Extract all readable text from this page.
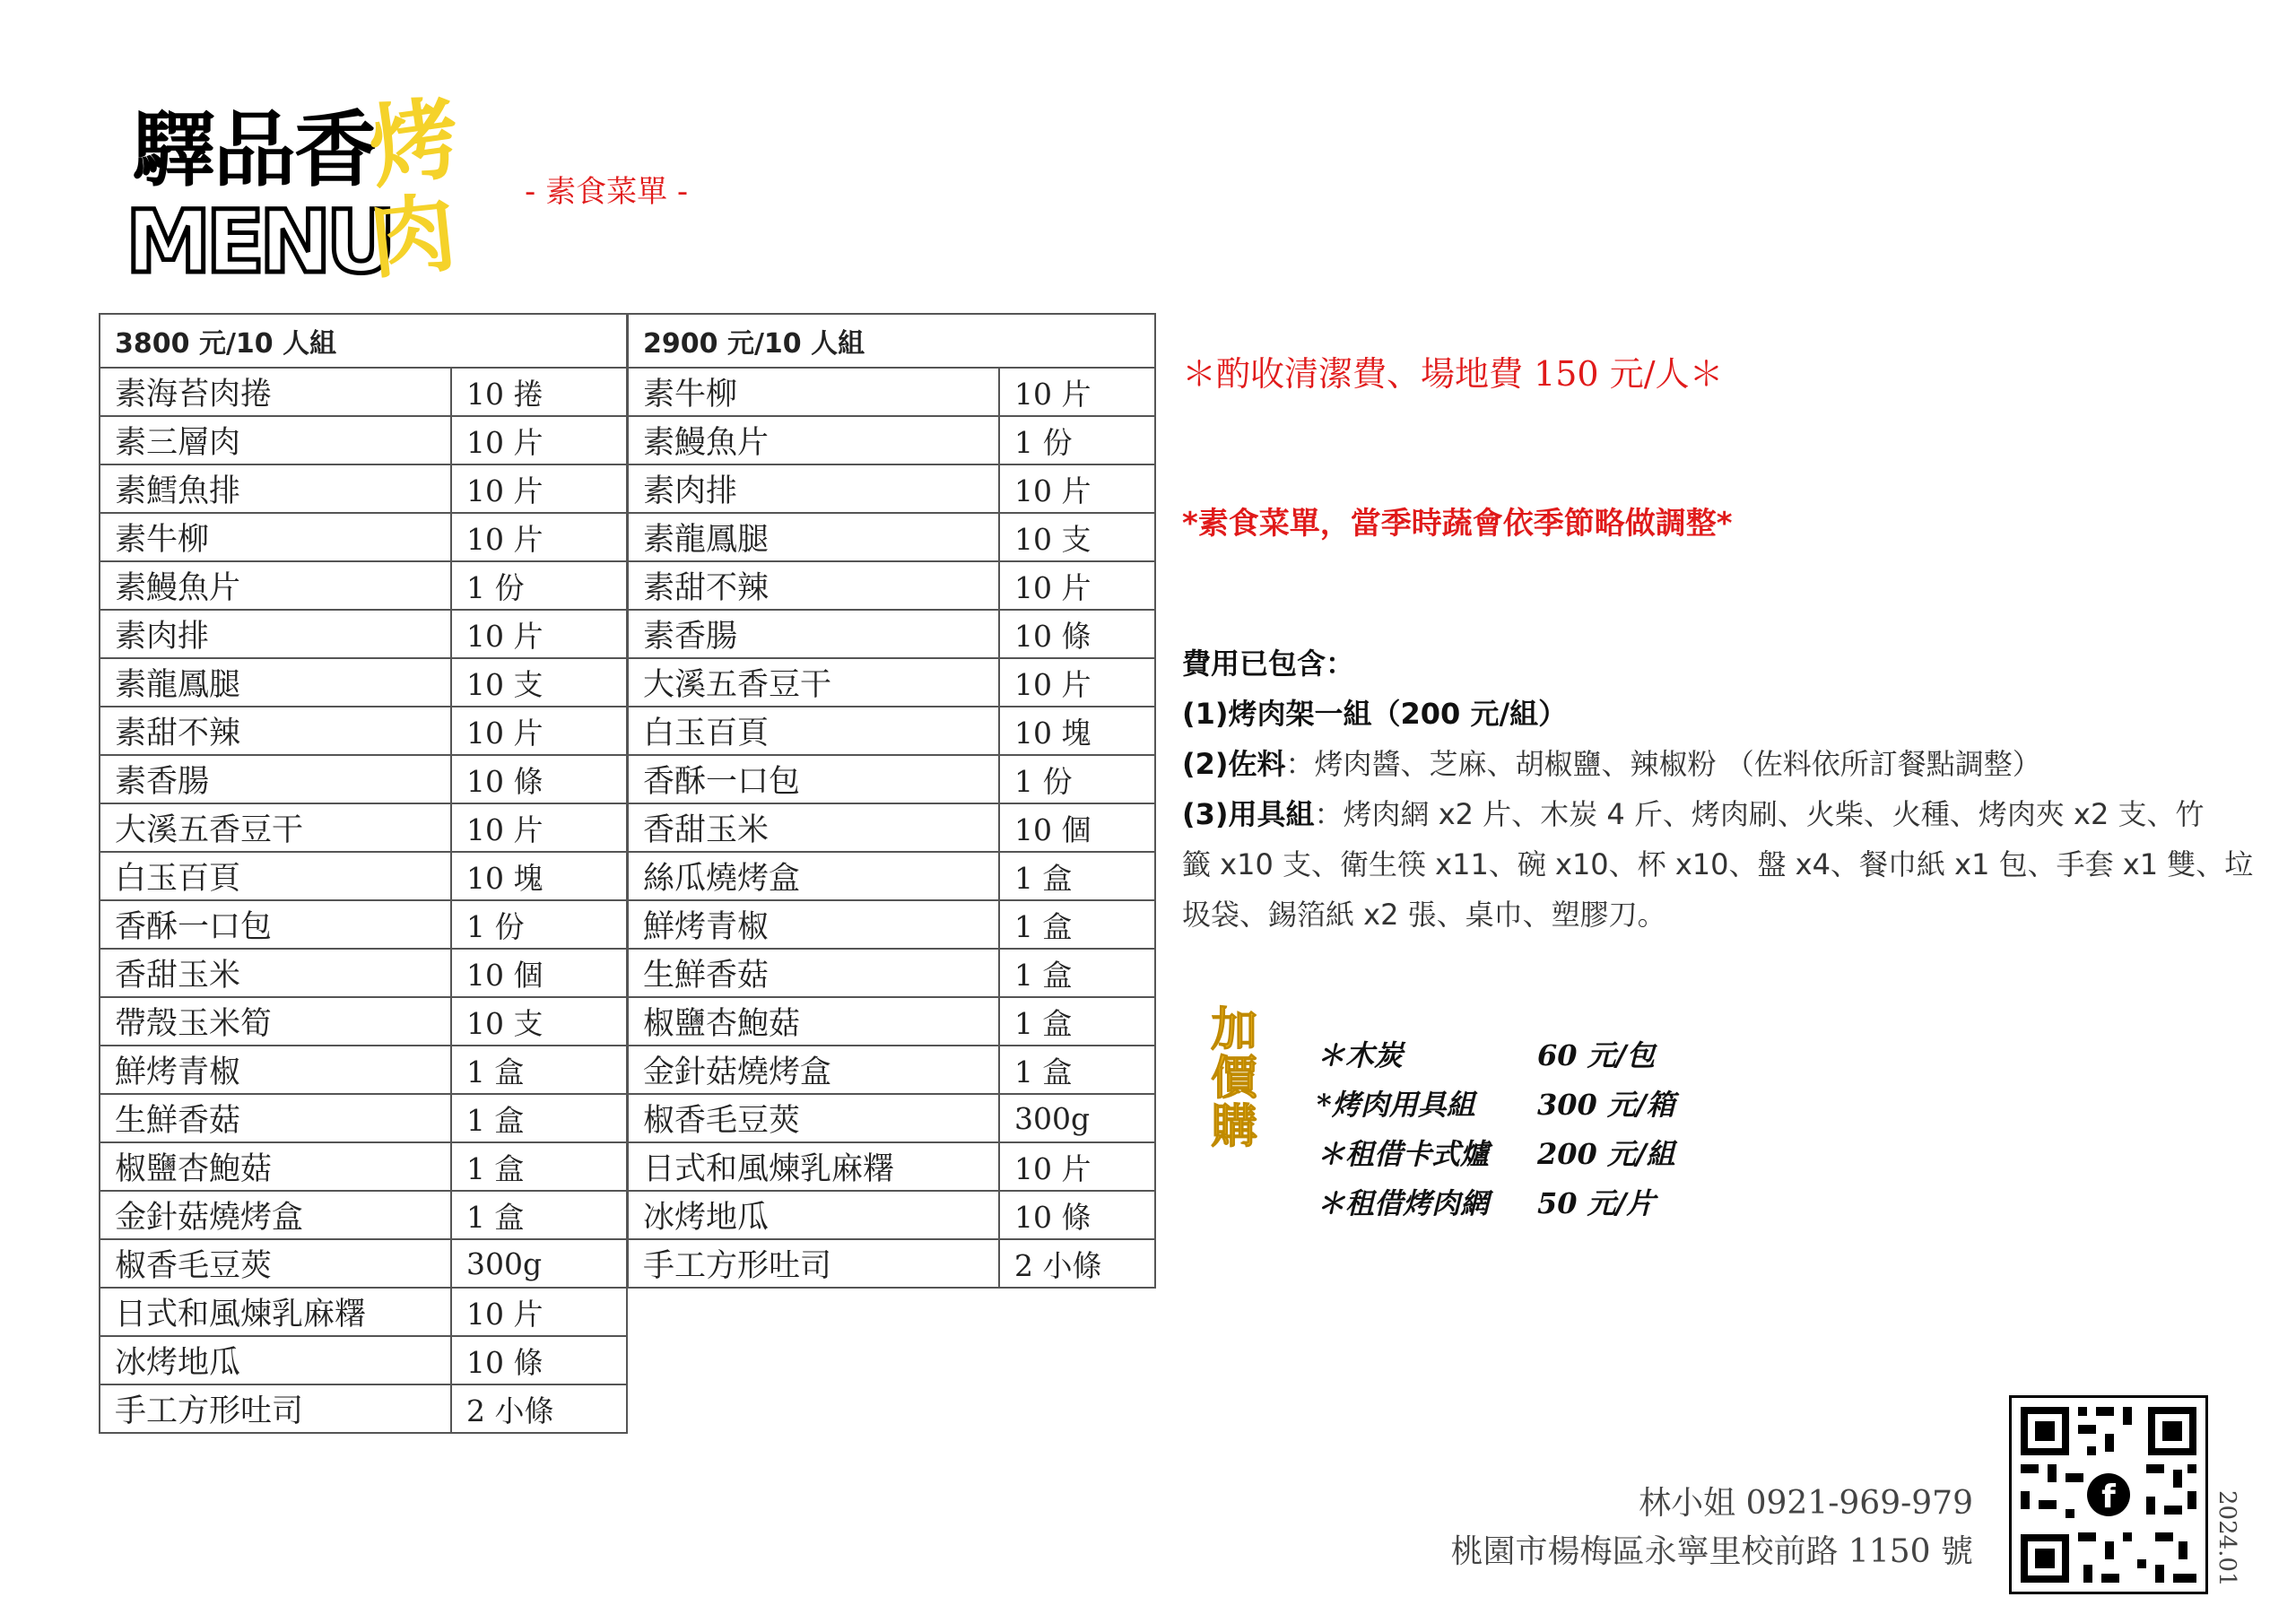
驛品香
烤
MENU
肉 - 素食菜單 -
3800 元/10 人組	
素海苔肉捲	10 捲
素三層肉	10 片
素鱈魚排	10 片
素牛柳	10 片
素鰻魚片	1 份
素肉排	10 片
素龍鳳腿	10 支
素甜不辣	10 片
素香腸	10 條
大溪五香豆干	10 片
白玉百頁	10 塊
香酥一口包	1 份
香甜玉米	10 個
帶殼玉米筍	10 支
鮮烤青椒	1 盒
生鮮香菇	1 盒
椒鹽杏鮑菇	1 盒
金針菇燒烤盒	1 盒
椒香毛豆莢	300g
日式和風煉乳麻糬	10 片
冰烤地瓜	10 條
手工方形吐司	2 小條
2900 元/10 人組	
素牛柳	10 片
素鰻魚片	1 份
素肉排	10 片
素龍鳳腿	10 支
素甜不辣	10 片
素香腸	10 條
大溪五香豆干	10 片
白玉百頁	10 塊
香酥一口包	1 份
香甜玉米	10 個
絲瓜燒烤盒	1 盒
鮮烤青椒	1 盒
生鮮香菇	1 盒
椒鹽杏鮑菇	1 盒
金針菇燒烤盒	1 盒
椒香毛豆莢	300g
日式和風煉乳麻糬	10 片
冰烤地瓜	10 條
手工方形吐司	2 小條
＊酌收清潔費、場地費 150 元/人＊
*素食菜單，當季時蔬會依季節略做調整*
費用已包含：
(1)烤肉架一組（200 元/組）
(2)佐料：烤肉醬、芝麻、胡椒鹽、辣椒粉 （佐料依所訂餐點調整）
(3)用具組：烤肉網 x2 片、木炭 4 斤、烤肉刷、火柴、火種、烤肉夾 x2 支、竹
籤 x10 支、衛生筷 x11、碗 x10、杯 x10、盤 x4、餐巾紙 x1 包、手套 x1 雙、垃
圾袋、錫箔紙 x2 張、桌巾、塑膠刀。
加價購
＊木炭	60 元/包
*烤肉用具組	300 元/箱
＊租借卡式爐	200 元/組
＊租借烤肉網	50 元/片
林小姐 0921-969-979
桃園市楊梅區永寧里校前路 1150 號
f	2024.01
